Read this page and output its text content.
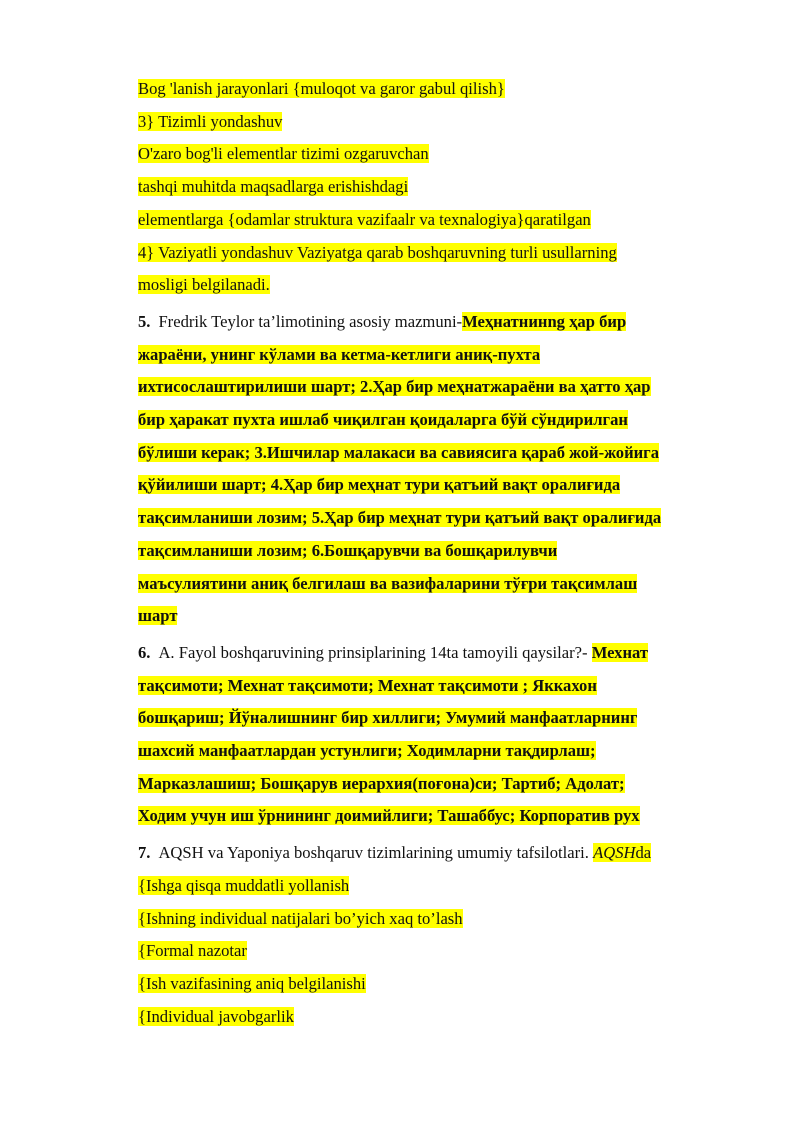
Bog 'lanish jarayonlari {muloqot va garor gabul qilish}
3} Tizimli yondashuv
O'zaro bog'li elementlar tizimi ozgaruvchan
tashqi muhitda maqsadlarga erishishdagi
elementlarga {odamlar struktura vazifaalr va texnalogiya}qaratilgan
4} Vaziyatli yondashuv Vaziyatga qarab boshqaruvning turli usullarning
mosligi belgilanadi.
5. Fredrik Teylor ta’limotining asosiy mazmuni-Меҳнатнинng ҳар бир
жараёни, унинг кўлами ва кетма-кетлиги аниқ-пухта
ихтисослаштирилиши шарт; 2.Ҳар бир меҳнатжараёни ва ҳатто ҳар
бир ҳаракат пухта ишлаб чиқилган қоидаларга бўй сўндирилган
бўлиши керак; 3.Ишчилар малакаси ва савиясига қараб жой-жойига
қўйилиши шарт; 4.Ҳар бир меҳнат тури қатъий вақт оралиғида
тақсимланиши лозим; 5.Ҳар бир меҳнат тури қатъий вақт оралиғида
тақсимланиши лозим; 6.Бошқарувчи ва бошқарилувчи
маъсулиятини аниқ белгилаш ва вазифаларини тўғри тақсимлаш
шарт
6. A. Fayol boshqaruvining prinsiplarining 14ta tamoyili qaysilar?- Мехнат
тақсимоти; Мехнат тақсимоти; Мехнат тақсимоти ; Яккахон
бошқариш; Йўналишнинг бир хиллиги; Умумий манфаатларнинг
шахсий манфаатлардан устунлиги; Ходимларни тақдирлаш;
Марказлашиш; Бошқарув иерархия(поғона)си; Тартиб; Адолат;
Ходим учун иш ўрнининг доимийлиги; Ташаббус; Корпоратив рух
7. AQSH va Yaponiya boshqaruv tizimlarining umumiy tafsilotlari. AQSHda
{Ishga qisqa muddatli yollanish
{Ishning individual natijalari bo’yich xaq to’lash
{Formal nazotar
{Ish vazifasining aniq belgilanishi
{Individual javobgarlik
